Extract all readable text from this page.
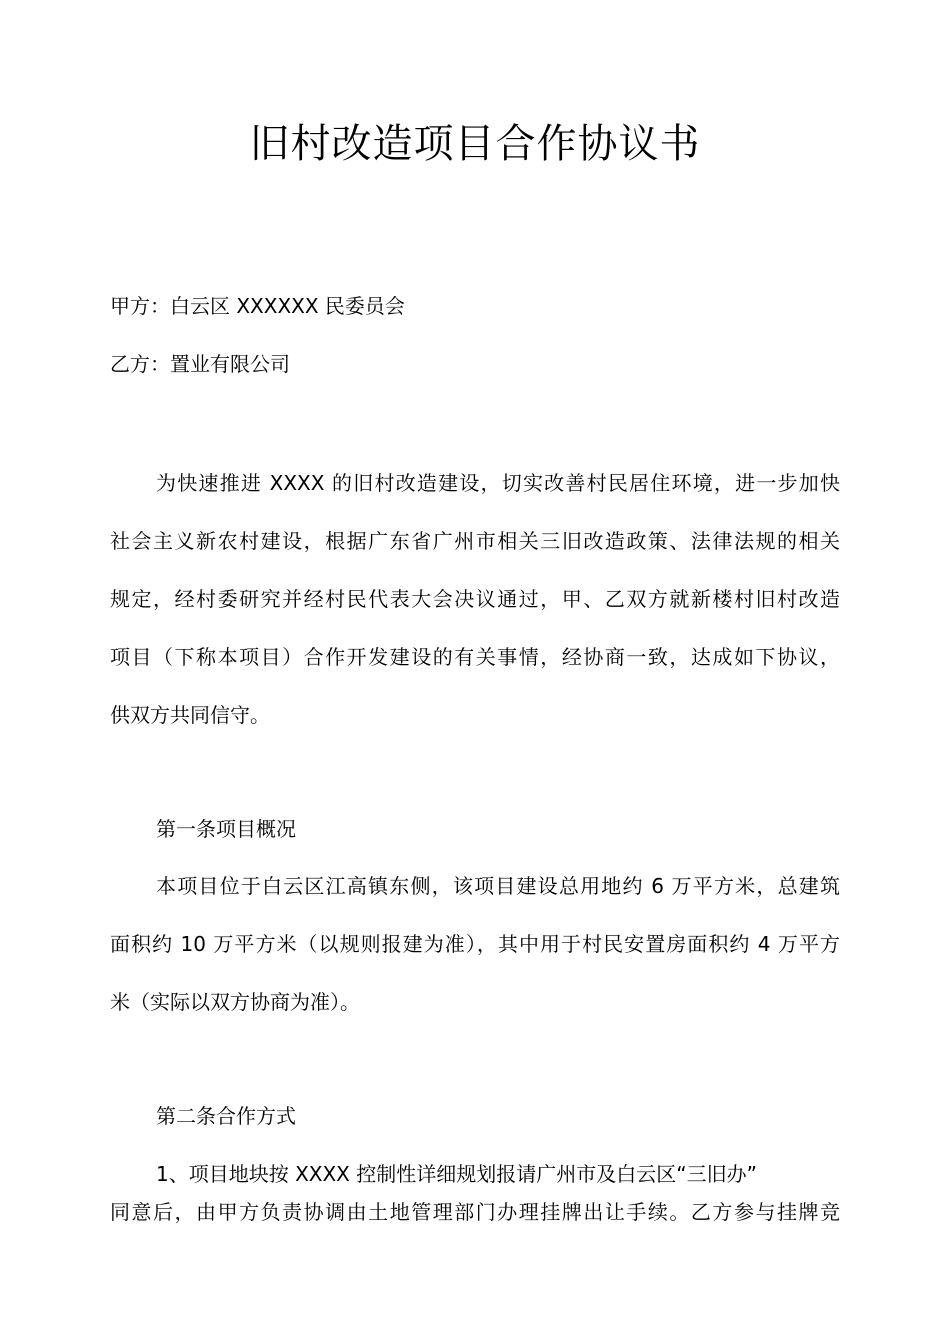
旧村改造项目合作协议书

甲方：白云区 XXXXXX 民委员会

乙方：置业有限公司

为快速推进 XXXX 的旧村改造建设，切实改善村民居住环境，进一步加快
社会主义新农村建设，根据广东省广州市相关三旧改造政策、法律法规的相关
规定，经村委研究并经村民代表大会决议通过，甲、乙双方就新楼村旧村改造
项目（下称本项目）合作开发建设的有关事情，经协商一致，达成如下协议，
供双方共同信守。

第一条项目概况

本项目位于白云区江高镇东侧，该项目建设总用地约 6 万平方米，总建筑
面积约 10 万平方米（以规则报建为准），其中用于村民安置房面积约 4 万平方
米（实际以双方协商为准）。

第二条合作方式

1、项目地块按 XXXX 控制性详细规划报请广州市及白云区“三旧办”
同意后，由甲方负责协调由土地管理部门办理挂牌出让手续。乙方参与挂牌竞
